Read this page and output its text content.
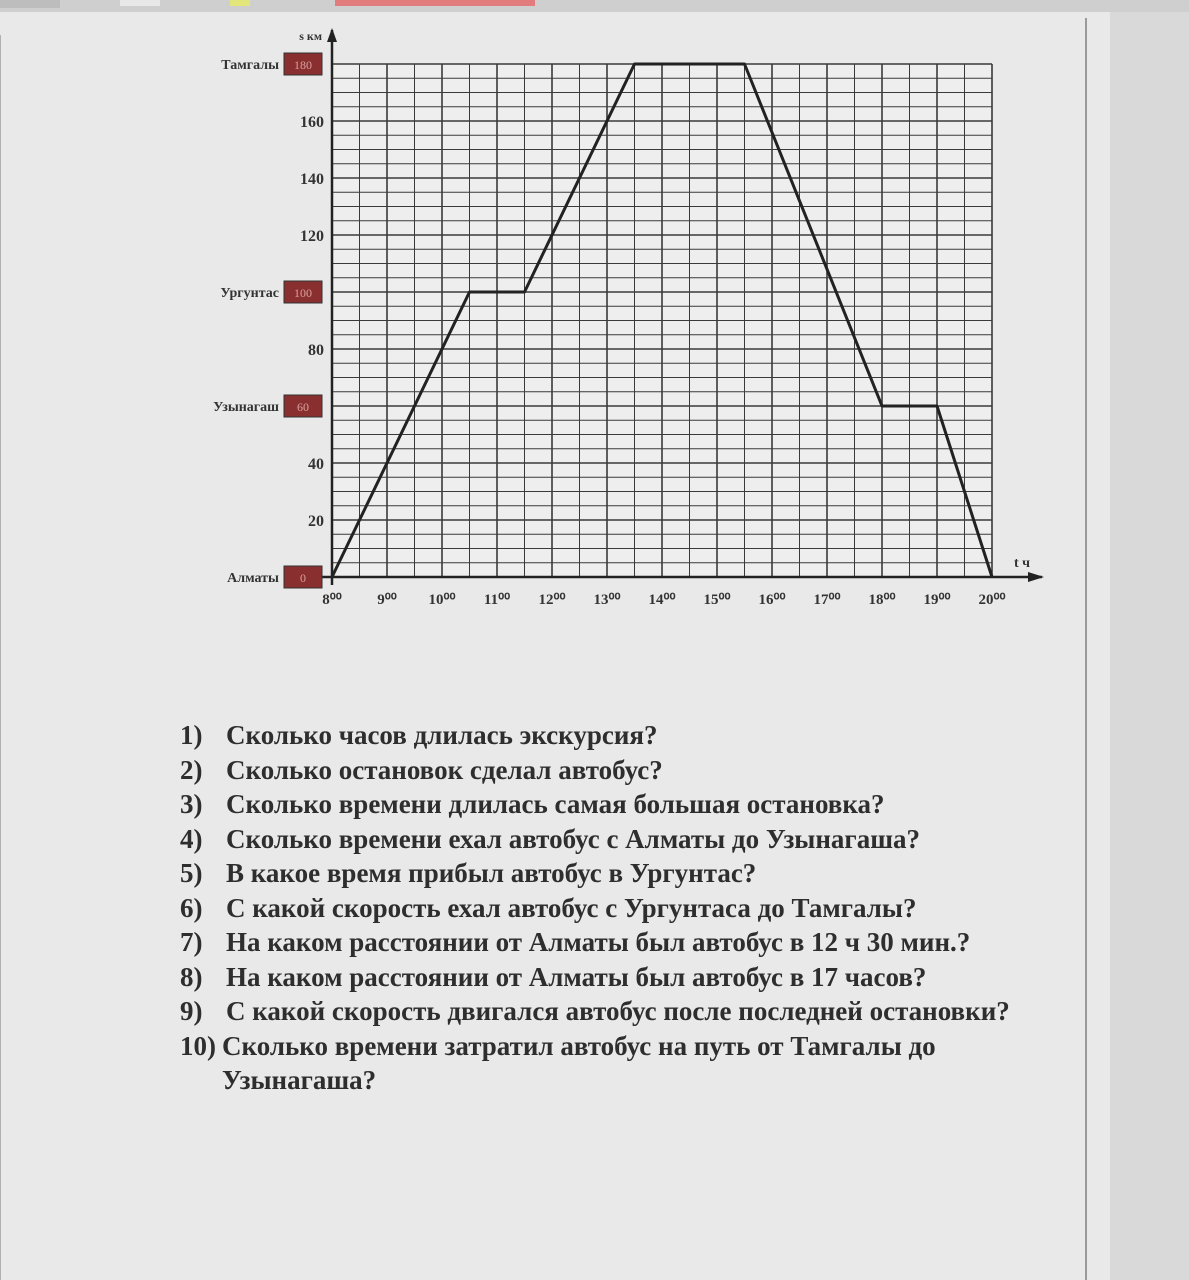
s км
t ч
8⁰⁰ 9⁰⁰ 10⁰⁰ 11⁰⁰ 12⁰⁰ 13⁰⁰ 14⁰⁰ 15⁰⁰ 16⁰⁰ 17⁰⁰ 18⁰⁰ 19⁰⁰ 20⁰⁰
20
40
80
120
140
160
180
Тамгалы
100
Ургунтас
60
Узынагаш
0
Алматы
1) Сколько часов длилась экскурсия?
2) Сколько остановок сделал автобус?
3) Сколько времени длилась самая большая остановка?
4) Сколько времени ехал автобус с Алматы до Узынагаша?
5) В какое время прибыл автобус в Ургунтас?
6) С какой скорость ехал автобус с Ургунтаса до Тамгалы?
7) На каком расстоянии от Алматы был автобус в 12 ч 30 мин.?
8) На каком расстоянии от Алматы был автобус в 17 часов?
9) С какой скорость двигался автобус после последней остановки?
10) Сколько времени затратил автобус на путь от Тамгалы до Узынагаша?
